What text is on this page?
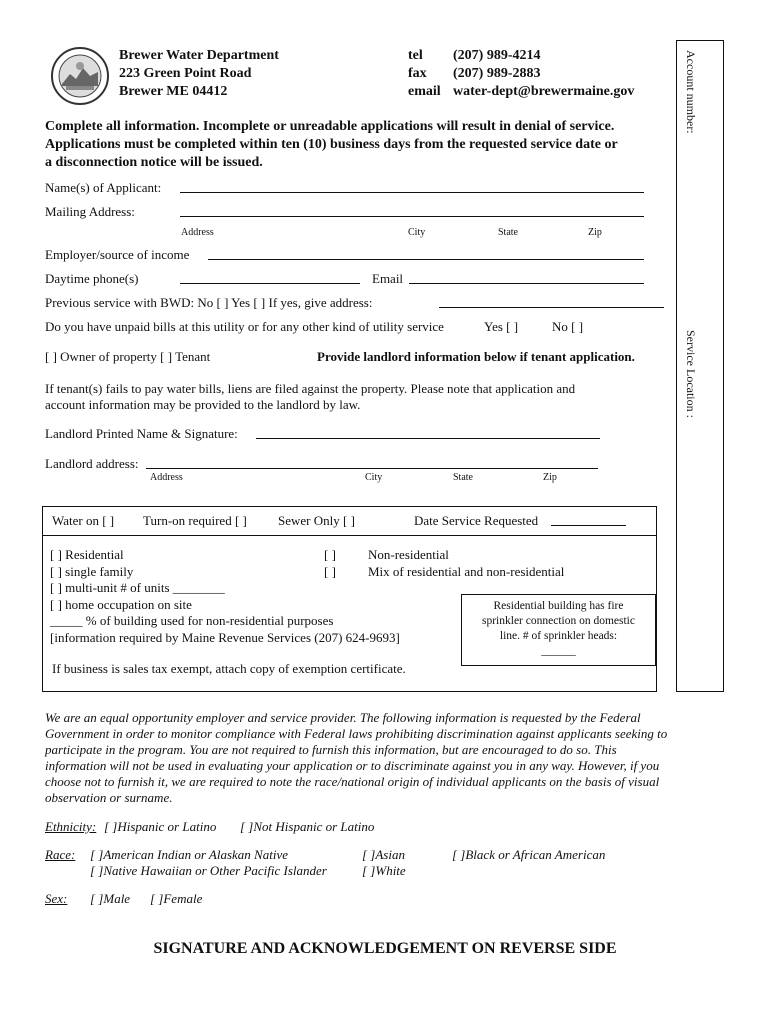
Brewer Water Department
223 Green Point Road
Brewer ME 04412
tel (207) 989-4214
fax (207) 989-2883
email water-dept@brewermaine.gov	Account number:
Service Location :
Complete all information. Incomplete or unreadable applications will result in denial of service.
Applications must be completed within ten (10) business days from the requested service date or
a disconnection notice will be issued.
Name(s) of Applicant:
Mailing Address:
Address	City	State	Zip
Employer/source of income
Daytime phone(s)	Email
Previous service with BWD: No [ ] Yes [ ] If yes, give address:
Do you have unpaid bills at this utility or for any other kind of utility service	Yes [ ]	No [ ]
[ ] Owner of property [ ] Tenant	Provide landlord information below if tenant application.
If tenant(s) fails to pay water bills, liens are filed against the property. Please note that application and
account information may be provided to the landlord by law.
Landlord Printed Name & Signature:
Landlord address:
Address	City	State	Zip
Water on [ ] Turn-on required [ ] Sewer Only [ ]	Date Service Requested
[ ] Residential
[ ] single family
[ ] multi-unit # of units ________
[ ] home occupation on site
_____ % of building used for non-residential purposes
[information required by Maine Revenue Services (207) 624-9693]
[ ] Non-residential
[ ] Mix of residential and non-residential
Residential building has fire
sprinkler connection on domestic
line. # of sprinkler heads:
______
If business is sales tax exempt, attach copy of exemption certificate.
We are an equal opportunity employer and service provider. The following information is requested by the Federal
Government in order to monitor compliance with Federal laws prohibiting discrimination against applicants seeking to
participate in the program. You are not required to furnish this information, but are encouraged to do so. This
information will not be used in evaluating your application or to discriminate against you in any way. However, if you
choose not to furnish it, we are required to note the race/national origin of individual applicants on the basis of visual
observation or surname.
Ethnicity: [ ]Hispanic or Latino [ ]Not Hispanic or Latino
Race: [ ]American Indian or Alaskan Native	[ ]Asian	[ ]Black or African American
[ ]Native Hawaiian or Other Pacific Islander	[ ]White
Sex: [ ]Male [ ]Female
SIGNATURE AND ACKNOWLEDGEMENT ON REVERSE SIDE
